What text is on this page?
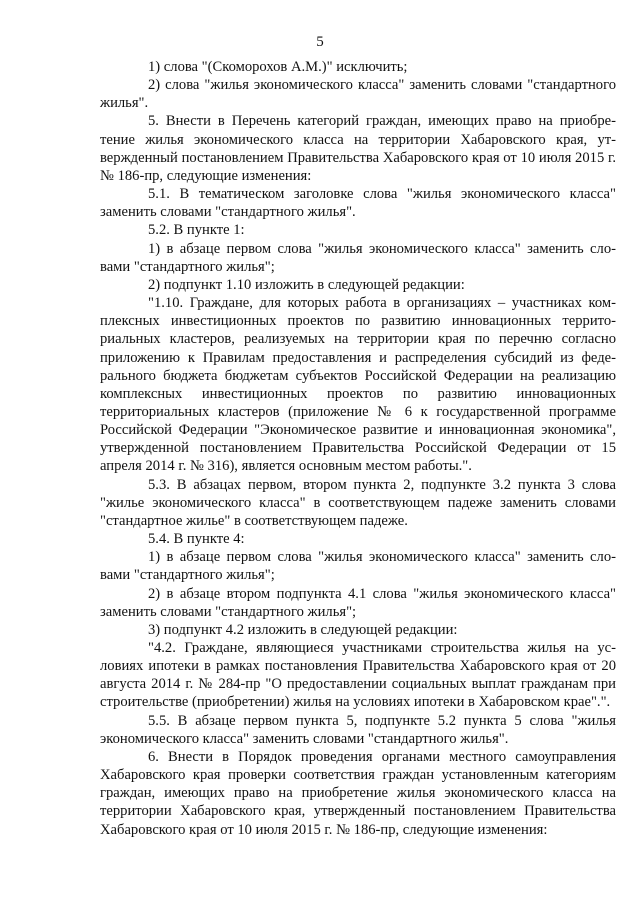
5

1) слова "(Скоморохов А.М.)" исключить;

2) слова "жилья экономического класса" заменить словами "стандартного жилья".

5. Внести в Перечень категорий граждан, имеющих право на приобретение жилья экономического класса на территории Хабаровского края, утвержденный постановлением Правительства Хабаровского края от 10 июля 2015 г. № 186-пр, следующие изменения:

5.1. В тематическом заголовке слова "жилья экономического класса" заменить словами "стандартного жилья".

5.2. В пункте 1:

1) в абзаце первом слова "жилья экономического класса" заменить словами "стандартного жилья";

2) подпункт 1.10 изложить в следующей редакции:

"1.10. Граждане, для которых работа в организациях – участниках комплексных инвестиционных проектов по развитию инновационных территориальных кластеров, реализуемых на территории края по перечню согласно приложению к Правилам предоставления и распределения субсидий из федерального бюджета бюджетам субъектов Российской Федерации на реализацию комплексных инвестиционных проектов по развитию инновационных территориальных кластеров (приложение № 6 к государственной программе Российской Федерации "Экономическое развитие и инновационная экономика", утвержденной постановлением Правительства Российской Федерации от 15 апреля 2014 г. № 316), является основным местом работы.".

5.3. В абзацах первом, втором пункта 2, подпункте 3.2 пункта 3 слова "жилье экономического класса" в соответствующем падеже заменить словами "стандартное жилье" в соответствующем падеже.

5.4. В пункте 4:

1) в абзаце первом слова "жилья экономического класса" заменить словами "стандартного жилья";

2) в абзаце втором подпункта 4.1 слова "жилья экономического класса" заменить словами "стандартного жилья";

3) подпункт 4.2 изложить в следующей редакции:

"4.2. Граждане, являющиеся участниками строительства жилья на условиях ипотеки в рамках постановления Правительства Хабаровского края от 20 августа 2014 г. № 284-пр "О предоставлении социальных выплат гражданам при строительстве (приобретении) жилья на условиях ипотеки в Хабаровском крае".".

5.5. В абзаце первом пункта 5, подпункте 5.2 пункта 5 слова "жилья экономического класса" заменить словами "стандартного жилья".

6. Внести в Порядок проведения органами местного самоуправления Хабаровского края проверки соответствия граждан установленным категориям граждан, имеющих право на приобретение жилья экономического класса на территории Хабаровского края, утвержденный постановлением Правительства Хабаровского края от 10 июля 2015 г. № 186-пр, следующие изменения:
